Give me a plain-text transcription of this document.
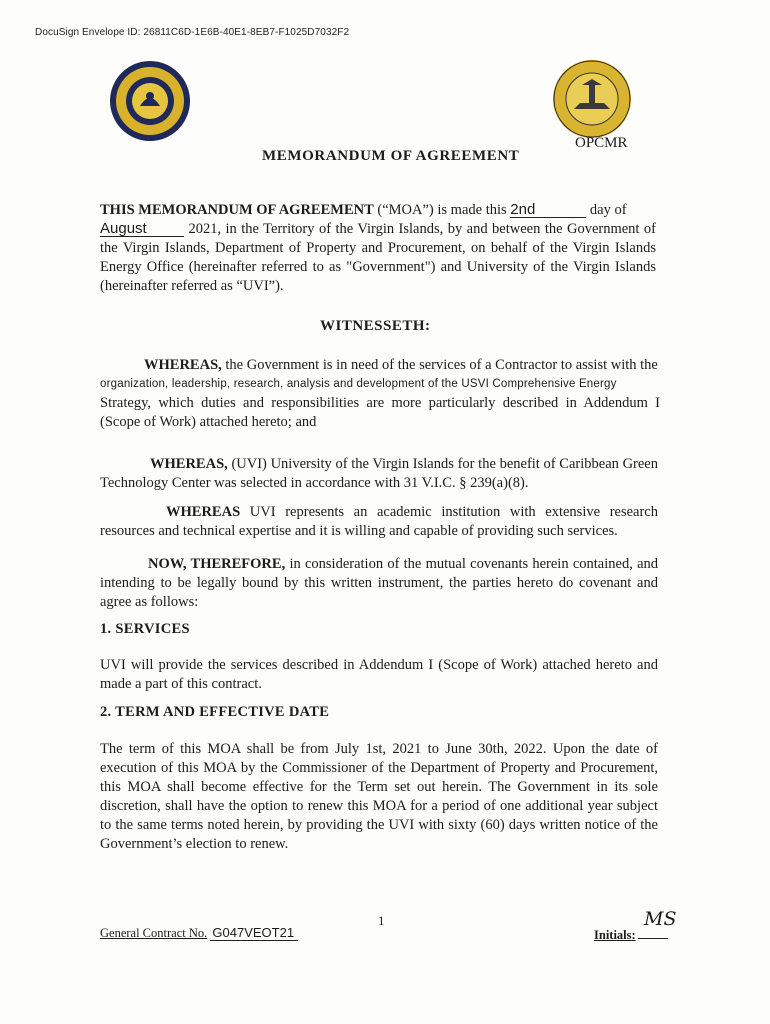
DocuSign Envelope ID: 26811C6D-1E6B-40E1-8EB7-F1025D7032F2
OPCMR
MEMORANDUM OF AGREEMENT
THIS MEMORANDUM OF AGREEMENT (“MOA”) is made this 2nd	day of
August	2021, in the Territory of the Virgin Islands, by and between the Government of the Virgin Islands, Department of Property and Procurement, on behalf of the Virgin Islands Energy Office (hereinafter referred to as "Government") and University of the Virgin Islands (hereinafter referred as “UVI”).
WITNESSETH:
WHEREAS, the Government is in need of the services of a Contractor to assist with the
organization, leadership, research, analysis and development of the USVI Comprehensive Energy
Strategy, which duties and responsibilities are more particularly described in Addendum I (Scope of Work) attached hereto; and
WHEREAS, (UVI) University of the Virgin Islands for the benefit of Caribbean Green Technology Center was selected in accordance with 31 V.I.C. § 239(a)(8).
WHEREAS UVI represents an academic institution with extensive research resources and technical expertise and it is willing and capable of providing such services.
NOW, THEREFORE, in consideration of the mutual covenants herein contained, and intending to be legally bound by this written instrument, the parties hereto do covenant and agree as follows:
1. SERVICES
UVI will provide the services described in Addendum I (Scope of Work) attached hereto and made a part of this contract.
2. TERM AND EFFECTIVE DATE
The term of this MOA shall be from July 1st, 2021 to June 30th, 2022. Upon the date of execution of this MOA by the Commissioner of the Department of Property and Procurement, this MOA shall become effective for the Term set out herein. The Government in its sole discretion, shall have the option to renew this MOA for a period of one additional year subject to the same terms noted herein, by providing the UVI with sixty (60) days written notice of the Government’s election to renew.
General Contract No. G047VEOT21
1	MS
Initials:
